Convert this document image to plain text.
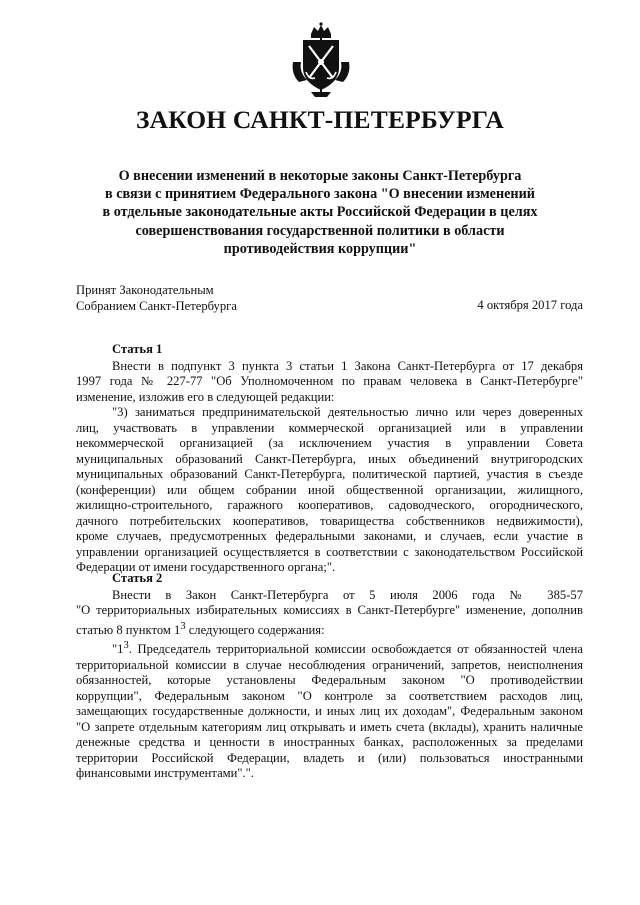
ЗАКОН САНКТ-ПЕТЕРБУРГА
О внесении изменений в некоторые законы Санкт-Петербурга
в связи с принятием Федерального закона "О внесении изменений
в отдельные законодательные акты Российской Федерации в целях
совершенствования государственной политики в области
противодействия коррупции"
Принят Законодательным
Собранием Санкт-Петербурга	4 октября 2017 года
Статья 1
Внести в подпункт 3 пункта 3 статьи 1 Закона Санкт-Петербурга от 17 декабря
1997 года № 227-77 "Об Уполномоченном по правам человека в Санкт-Петербурге"
изменение, изложив его в следующей редакции:
"3) заниматься предпринимательской деятельностью лично или через доверенных
лиц, участвовать в управлении коммерческой организацией или в управлении
некоммерческой организацией (за исключением участия в управлении Совета
муниципальных образований Санкт-Петербурга, иных объединений внутригородских
муниципальных образований Санкт-Петербурга, политической партией, участия в съезде
(конференции) или общем собрании иной общественной организации, жилищного,
жилищно-строительного, гаражного кооперативов, садоводческого, огороднического,
дачного потребительских кооперативов, товарищества собственников недвижимости),
кроме случаев, предусмотренных федеральными законами, и случаев, если участие в
управлении организацией осуществляется в соответствии с законодательством Российской
Федерации от имени государственного органа;".
Статья 2
Внести в Закон Санкт-Петербурга от 5 июля 2006 года № 385-57
"О территориальных избирательных комиссиях в Санкт-Петербурге" изменение, дополнив
статью 8 пунктом $1^3$ следующего содержания:
"$1^3$. Председатель территориальной комиссии освобождается от обязанностей члена
территориальной комиссии в случае несоблюдения ограничений, запретов, неисполнения
обязанностей, которые установлены Федеральным законом "О противодействии
коррупции", Федеральным законом "О контроле за соответствием расходов лиц,
замещающих государственные должности, и иных лиц их доходам", Федеральным законом
"О запрете отдельным категориям лиц открывать и иметь счета (вклады), хранить наличные
денежные средства и ценности в иностранных банках, расположенных за пределами
территории Российской Федерации, владеть и (или) пользоваться иностранными
финансовыми инструментами".".
